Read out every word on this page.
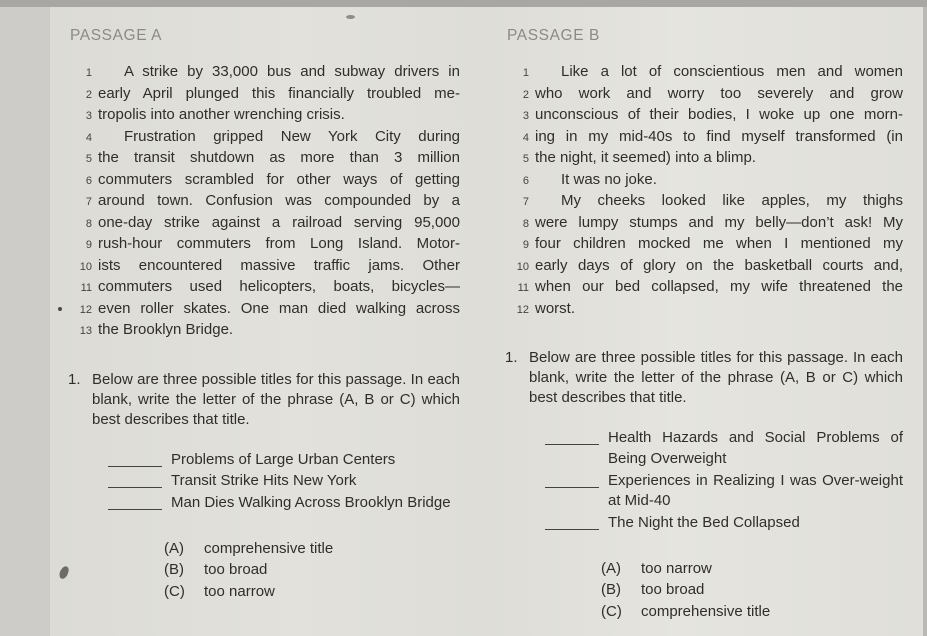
PASSAGE A
1	A strike by 33,000 bus and subway drivers in
2 early April plunged this financially troubled me-
3 tropolis into another wrenching crisis.
4	Frustration gripped New York City during
5 the transit shutdown as more than 3 million
6 commuters scrambled for other ways of getting
7 around town. Confusion was compounded by a
8 one-day strike against a railroad serving 95,000
9 rush-hour commuters from Long Island. Motor-
10 ists encountered massive traffic jams. Other
11 commuters used helicopters, boats, bicycles—
12 even roller skates. One man died walking across
13 the Brooklyn Bridge.
1. Below are three possible titles for this passage. In each blank, write the letter of the phrase (A, B or C) which best describes that title.
Problems of Large Urban Centers
Transit Strike Hits New York
Man Dies Walking Across Brooklyn Bridge
(A)	comprehensive title
(B)	too broad
(C)	too narrow
PASSAGE B
1	Like a lot of conscientious men and women
2 who work and worry too severely and grow
3 unconscious of their bodies, I woke up one morn-
4 ing in my mid-40s to find myself transformed (in
5 the night, it seemed) into a blimp.
6	It was no joke.
7	My cheeks looked like apples, my thighs
8 were lumpy stumps and my belly—don’t ask! My
9 four children mocked me when I mentioned my
10 early days of glory on the basketball courts and,
11 when our bed collapsed, my wife threatened the
12 worst.
1. Below are three possible titles for this passage. In each blank, write the letter of the phrase (A, B or C) which best describes that title.
Health Hazards and Social Problems of Being Overweight
Experiences in Realizing I was Over-weight at Mid-40
The Night the Bed Collapsed
(A)	too narrow
(B)	too broad
(C)	comprehensive title
